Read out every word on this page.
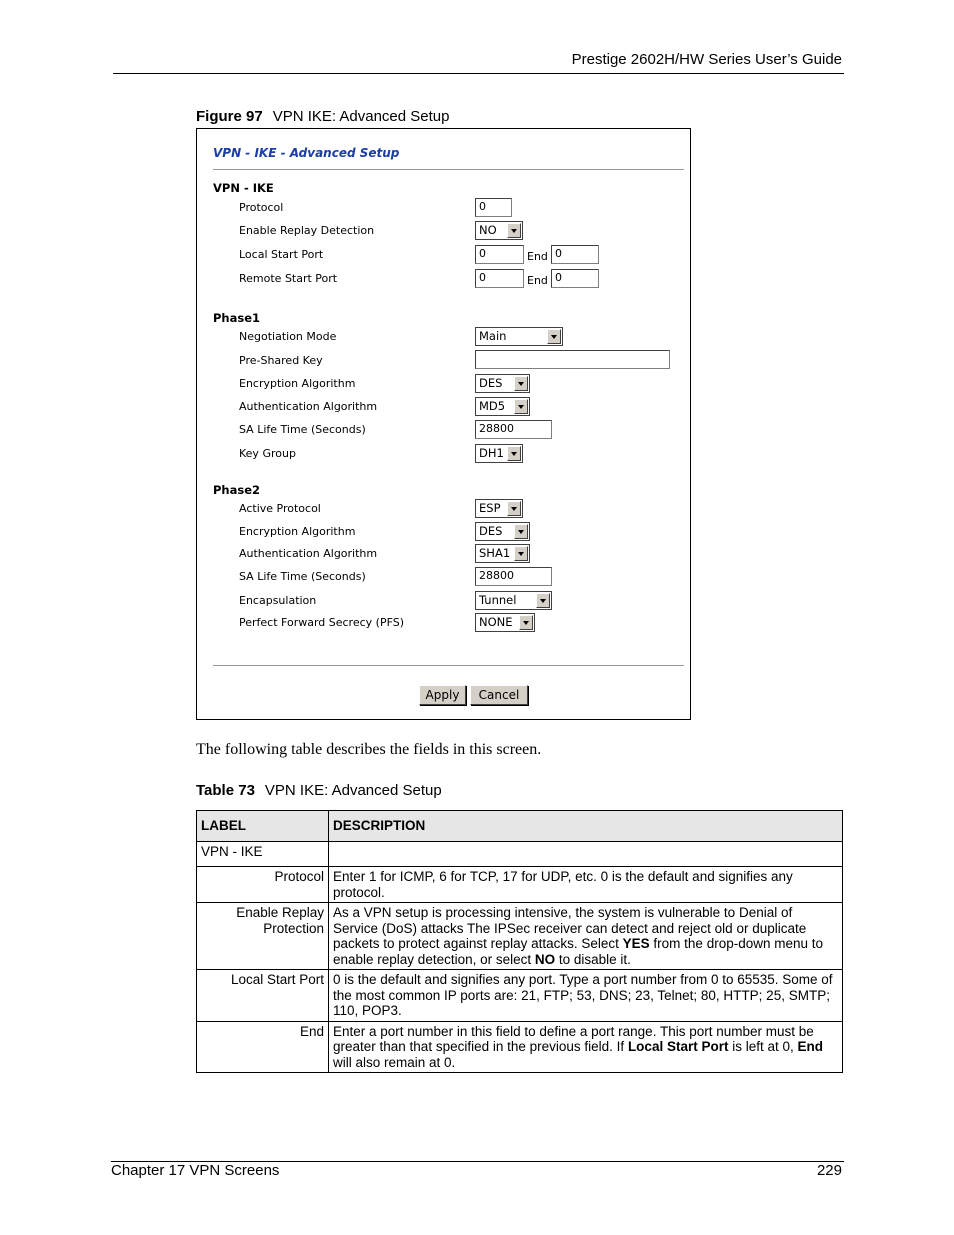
Prestige 2602H/HW Series User’s Guide
Figure 97 VPN IKE: Advanced Setup
VPN - IKE - Advanced Setup
VPN - IKE
Protocol	0
Enable Replay Detection	NO
Local Start Port	0	End 0
Remote Start Port	0	End 0
Phase1
Negotiation Mode	Main
Pre-Shared Key
Encryption Algorithm	DES
Authentication Algorithm	MD5
SA Life Time (Seconds)	28800
Key Group	DH1
Phase2
Active Protocol	ESP
Encryption Algorithm	DES
Authentication Algorithm	SHA1
SA Life Time (Seconds)	28800
Encapsulation	Tunnel
Perfect Forward Secrecy (PFS)	NONE
Apply	Cancel
The following table describes the fields in this screen.
Table 73 VPN IKE: Advanced Setup
LABEL	DESCRIPTION
VPN - IKE	
Protocol	Enter 1 for ICMP, 6 for TCP, 17 for UDP, etc. 0 is the default and signifies any protocol.
Enable Replay Protection	As a VPN setup is processing intensive, the system is vulnerable to Denial of Service (DoS) attacks The IPSec receiver can detect and reject old or duplicate packets to protect against replay attacks. Select YES from the drop-down menu to enable replay detection, or select NO to disable it.
Local Start Port	0 is the default and signifies any port. Type a port number from 0 to 65535. Some of the most common IP ports are: 21, FTP; 53, DNS; 23, Telnet; 80, HTTP; 25, SMTP; 110, POP3.
End	Enter a port number in this field to define a port range. This port number must be greater than that specified in the previous field. If Local Start Port is left at 0, End will also remain at 0.
Chapter 17 VPN Screens	229
